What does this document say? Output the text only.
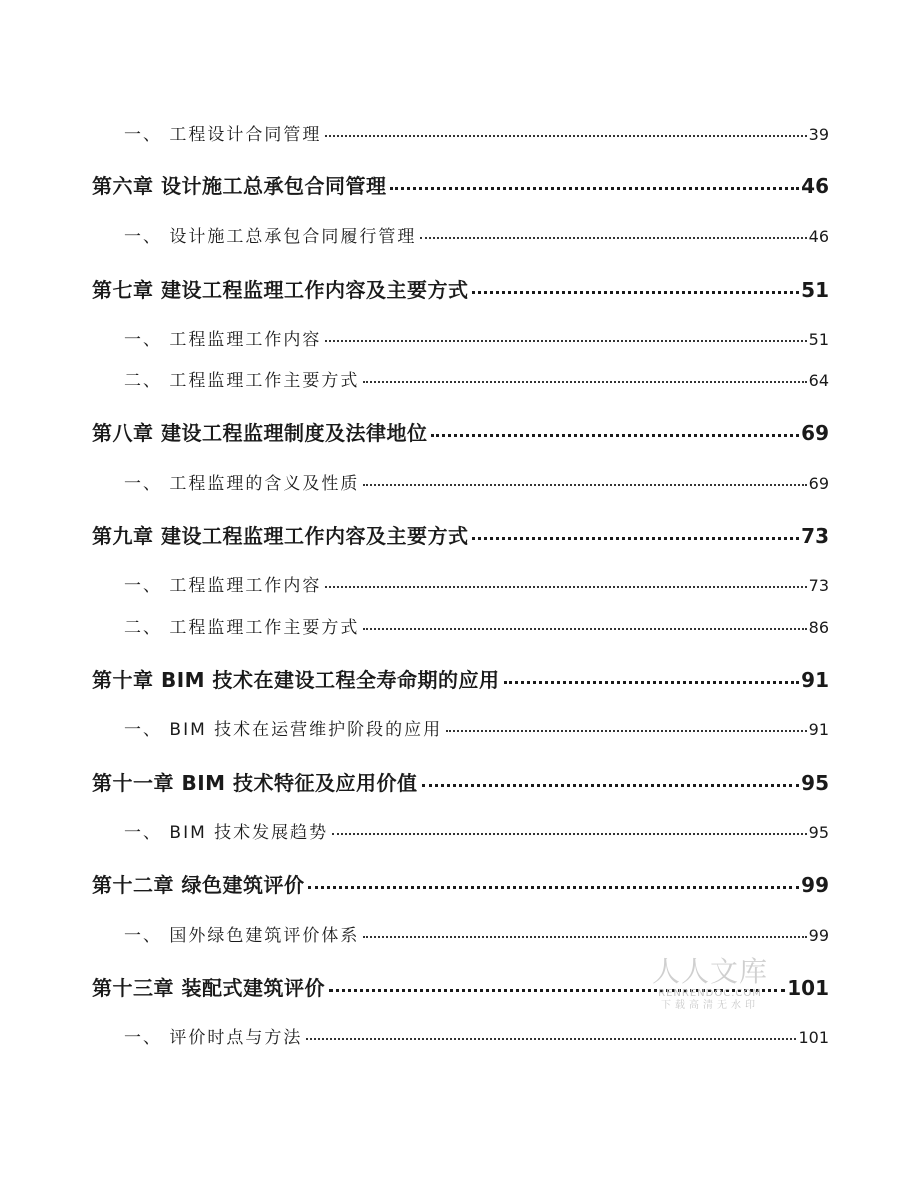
一、 工程设计合同管理	39
第六章 设计施工总承包合同管理	46
一、 设计施工总承包合同履行管理	46
第七章 建设工程监理工作内容及主要方式	51
一、 工程监理工作内容	51
二、 工程监理工作主要方式	64
第八章 建设工程监理制度及法律地位	69
一、 工程监理的含义及性质	69
第九章 建设工程监理工作内容及主要方式	73
一、 工程监理工作内容	73
二、 工程监理工作主要方式	86
第十章 BIM 技术在建设工程全寿命期的应用	91
一、 BIM 技术在运营维护阶段的应用	91
第十一章 BIM 技术特征及应用价值	95
一、 BIM 技术发展趋势	95
第十二章 绿色建筑评价	99
一、 国外绿色建筑评价体系	99
第十三章 装配式建筑评价	101
一、 评价时点与方法	101
人人文库
RENRENDOC.COM
下载高清无水印
